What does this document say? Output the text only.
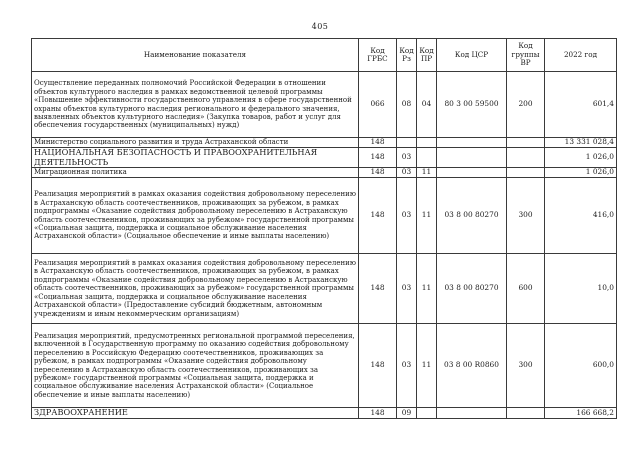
405
Наименование показателя	Код ГРБС	Код Рз	Код ПР	Код ЦСР	Код группы ВР	2022 год
Осуществление переданных полномочий Российской Федерации в отношении объектов культурного наследия в рамках ведомственной целевой программы «Повышение эффективности государственного управления в сфере государственной охраны объектов культурного наследия регионального и федерального значения, выявленных объектов культурного наследия» (Закупка товаров, работ и услуг для обеспечения государственных (муниципальных) нужд)	066	08	04	80 3 00 59500	200	601,4
Министерство социального развития и труда Астраханской области	148					13 331 028,4
НАЦИОНАЛЬНАЯ БЕЗОПАСНОСТЬ И ПРАВООХРАНИТЕЛЬНАЯ ДЕЯТЕЛЬНОСТЬ	148	03				1 026,0
Миграционная политика	148	03	11			1 026,0
Реализация мероприятий в рамках оказания содействия добровольному переселению в Астраханскую область соотечественников, проживающих за рубежом, в рамках подпрограммы «Оказание содействия добровольному переселению в Астраханскую область соотечественников, проживающих за рубежом» государственной программы «Социальная защита, поддержка и социальное обслуживание населения Астраханской области» (Социальное обеспечение и иные выплаты населению)	148	03	11	03 8 00 80270	300	416,0
Реализация мероприятий в рамках оказания содействия добровольному переселению в Астраханскую область соотечественников, проживающих за рубежом, в рамках подпрограммы «Оказание содействия добровольному переселению в Астраханскую область соотечественников, проживающих за рубежом» государственной программы «Социальная защита, поддержка и социальное обслуживание населения Астраханской области» (Предоставление субсидий бюджетным, автономным учреждениям и иным некоммерческим организациям)	148	03	11	03 8 00 80270	600	10,0
Реализация мероприятий, предусмотренных региональной программой переселения, включенной в Государственную программу по оказанию содействия добровольному переселению в Российскую Федерацию соотечественников, проживающих за рубежом, в рамках подпрограммы «Оказание содействия добровольному переселению в Астраханскую область соотечественников, проживающих за рубежом» государственной программы «Социальная защита, поддержка и социальное обслуживание населения Астраханской области» (Социальное обеспечение и иные выплаты населению)	148	03	11	03 8 00 R0860	300	600,0
ЗДРАВООХРАНЕНИЕ	148	09				166 668,2
